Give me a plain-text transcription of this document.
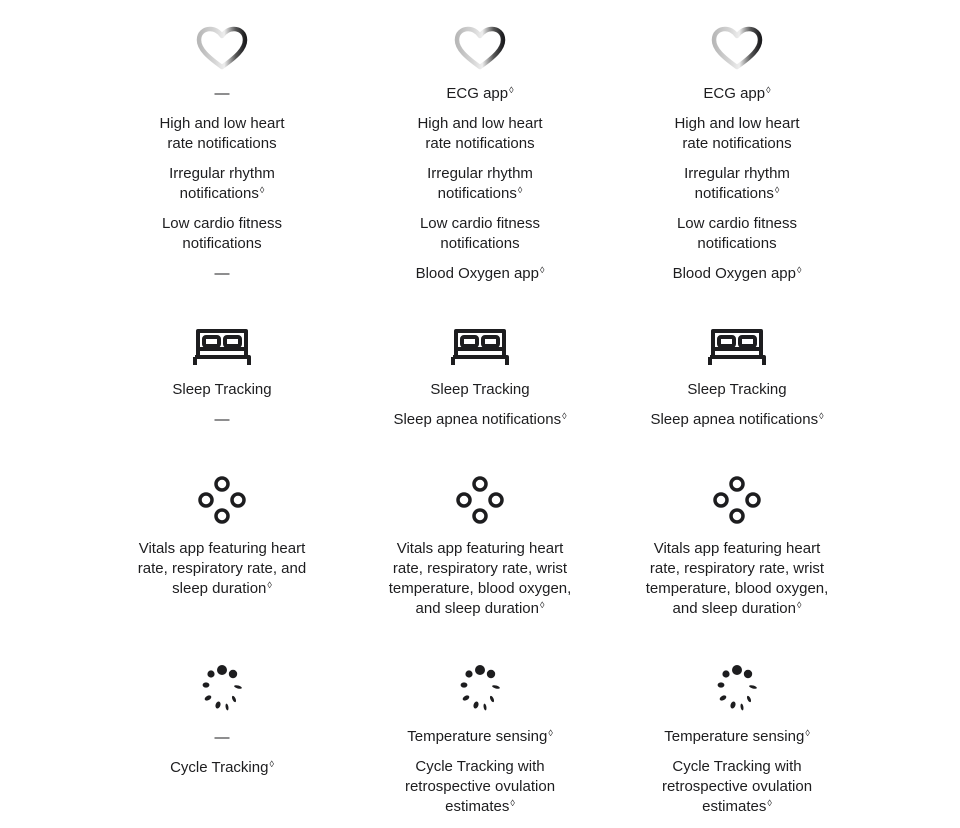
—
High and low heart
rate notifications
Irregular rhythm
notifications◊
Low cardio fitness
notifications
—
Sleep Tracking
—
Vitals app featuring heart
rate, respiratory rate, and
sleep duration◊
—
Cycle Tracking◊
ECG app◊
High and low heart
rate notifications
Irregular rhythm
notifications◊
Low cardio fitness
notifications
Blood Oxygen app◊
Sleep Tracking
Sleep apnea notifications◊
Vitals app featuring heart
rate, respiratory rate, wrist
temperature, blood oxygen,
and sleep duration◊
Temperature sensing◊
Cycle Tracking with
retrospective ovulation
estimates◊
ECG app◊
High and low heart
rate notifications
Irregular rhythm
notifications◊
Low cardio fitness
notifications
Blood Oxygen app◊
Sleep Tracking
Sleep apnea notifications◊
Vitals app featuring heart
rate, respiratory rate, wrist
temperature, blood oxygen,
and sleep duration◊
Temperature sensing◊
Cycle Tracking with
retrospective ovulation
estimates◊
